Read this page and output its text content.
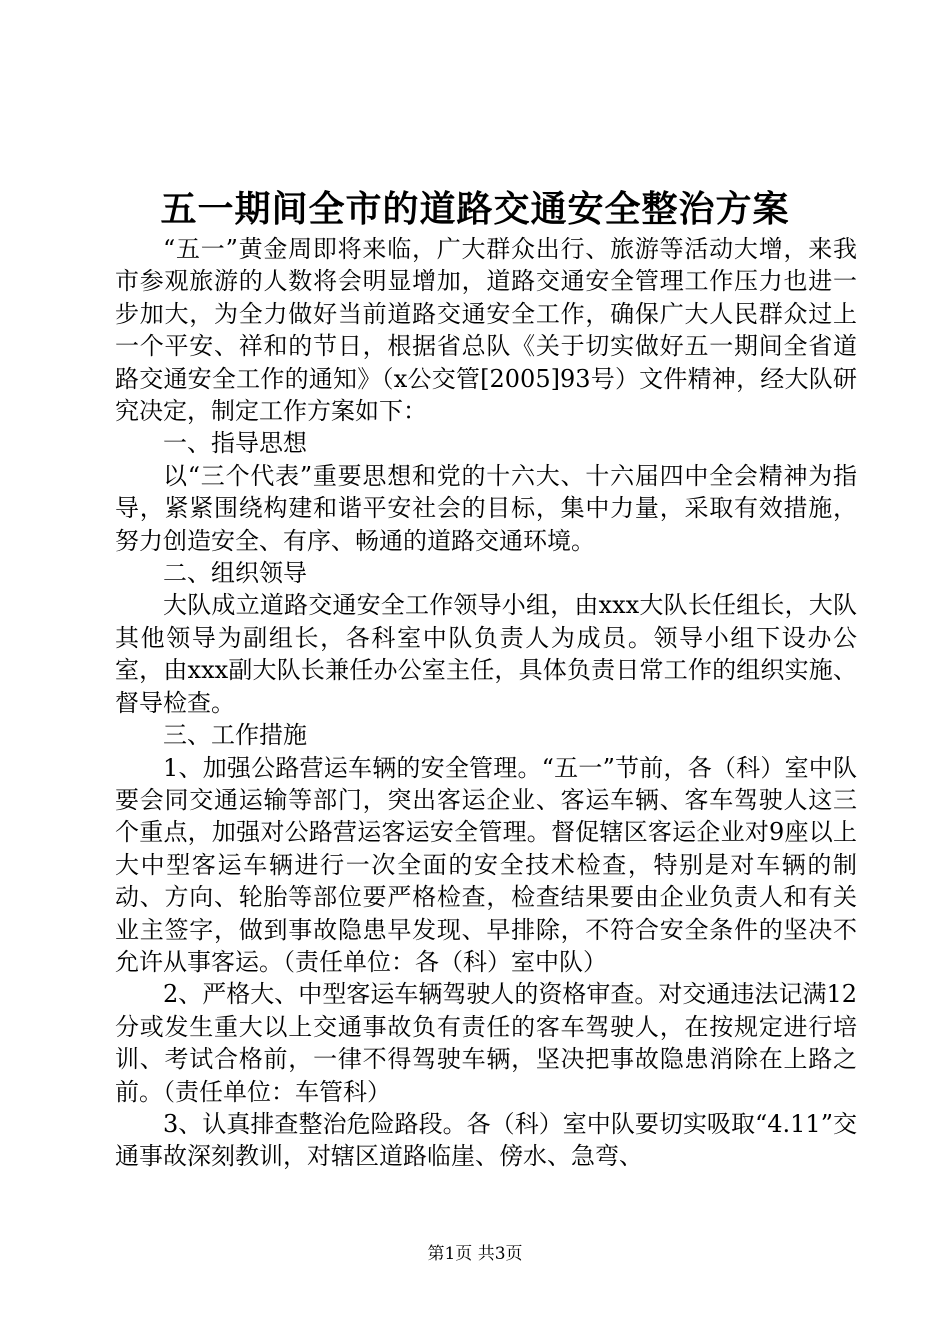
五一期间全市的道路交通安全整治方案

“五一”黄金周即将来临，广大群众出行、旅游等活动大增，来我市参观旅游的人数将会明显增加，道路交通安全管理工作压力也进一步加大，为全力做好当前道路交通安全工作，确保广大人民群众过上一个平安、祥和的节日，根据省总队《关于切实做好五一期间全省道路交通安全工作的通知》（x公交管[2005]93号）文件精神，经大队研究决定，制定工作方案如下：

一、指导思想

以“三个代表”重要思想和党的十六大、十六届四中全会精神为指导，紧紧围绕构建和谐平安社会的目标，集中力量，采取有效措施，努力创造安全、有序、畅通的道路交通环境。

二、组织领导

大队成立道路交通安全工作领导小组，由xxx大队长任组长，大队其他领导为副组长，各科室中队负责人为成员。领导小组下设办公室，由xxx副大队长兼任办公室主任，具体负责日常工作的组织实施、督导检查。

三、工作措施

1、加强公路营运车辆的安全管理。“五一”节前，各（科）室中队要会同交通运输等部门，突出客运企业、客运车辆、客车驾驶人这三个重点，加强对公路营运客运安全管理。督促辖区客运企业对9座以上大中型客运车辆进行一次全面的安全技术检查，特别是对车辆的制动、方向、轮胎等部位要严格检查，检查结果要由企业负责人和有关业主签字，做到事故隐患早发现、早排除，不符合安全条件的坚决不允许从事客运。（责任单位：各（科）室中队）

2、严格大、中型客运车辆驾驶人的资格审查。对交通违法记满12分或发生重大以上交通事故负有责任的客车驾驶人，在按规定进行培训、考试合格前，一律不得驾驶车辆，坚决把事故隐患消除在上路之前。（责任单位：车管科）

3、认真排查整治危险路段。各（科）室中队要切实吸取“4.11”交通事故深刻教训，对辖区道路临崖、傍水、急弯、

第1页 共3页
